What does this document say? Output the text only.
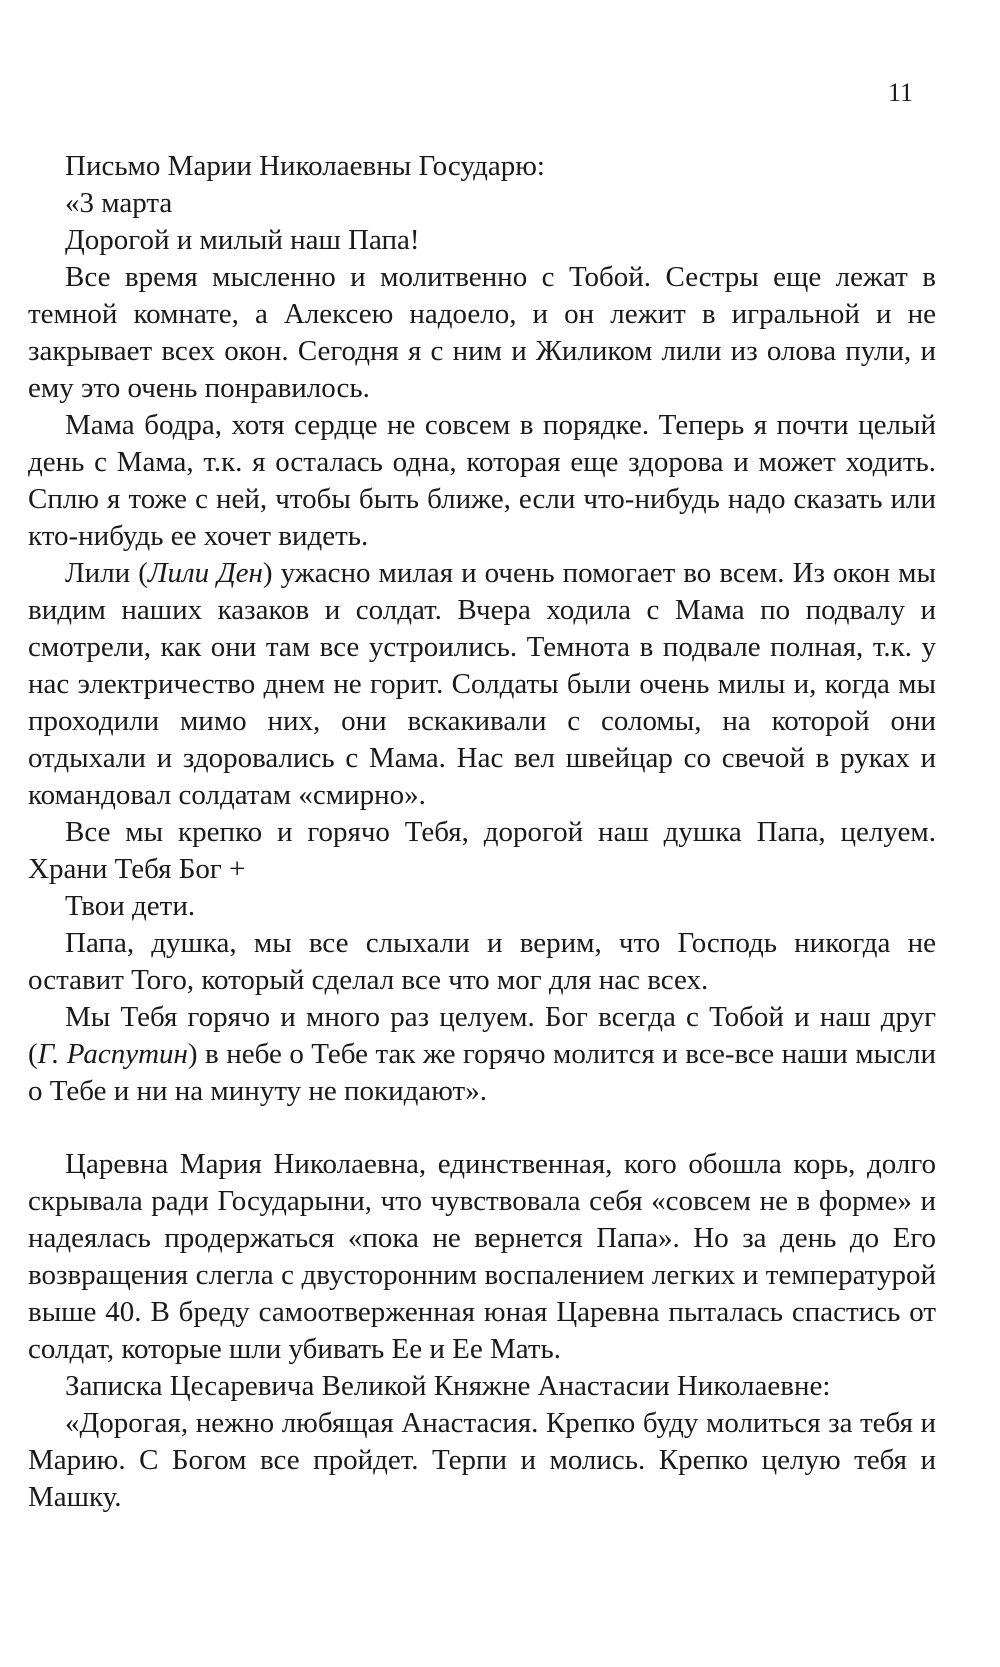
11

Письмо Марии Николаевны Государю:

«3 марта

Дорогой и милый наш Папа!

Все время мысленно и молитвенно с Тобой. Сестры еще лежат в темной комнате, а Алексею надоело, и он лежит в игральной и не закрывает всех окон. Сегодня я с ним и Жиликом лили из олова пули, и ему это очень понравилось.

Мама бодра, хотя сердце не совсем в порядке. Теперь я почти целый день с Мама, т.к. я осталась одна, которая еще здорова и может ходить. Сплю я тоже с ней, чтобы быть ближе, если что-нибудь надо сказать или кто-нибудь ее хочет видеть.

Лили (Лили Ден) ужасно милая и очень помогает во всем. Из окон мы видим наших казаков и солдат. Вчера ходила с Мама по подвалу и смотрели, как они там все устроились. Темнота в подвале полная, т.к. у нас электричество днем не горит. Солдаты были очень милы и, когда мы проходили мимо них, они вскакивали с соломы, на которой они отдыхали и здоровались с Мама. Нас вел швейцар со свечой в руках и командовал солдатам «смирно».

Все мы крепко и горячо Тебя, дорогой наш душка Папа, целуем. Храни Тебя Бог +

Твои дети.

Папа, душка, мы все слыхали и верим, что Господь никогда не оставит Того, который сделал все что мог для нас всех.

Мы Тебя горячо и много раз целуем. Бог всегда с Тобой и наш друг (Г. Распутин) в небе о Тебе так же горячо молится и все-все наши мысли о Тебе и ни на минуту не покидают».

Царевна Мария Николаевна, единственная, кого обошла корь, долго скрывала ради Государыни, что чувствовала себя «совсем не в форме» и надеялась продержаться «пока не вернется Папа». Но за день до Его возвращения слегла с двусторонним воспалением легких и температурой выше 40. В бреду самоотверженная юная Царевна пыталась спастись от солдат, которые шли убивать Ее и Ее Мать.

Записка Цесаревича Великой Княжне Анастасии Николаевне:

«Дорогая, нежно любящая Анастасия. Крепко буду молиться за тебя и Марию. С Богом все пройдет. Терпи и молись. Крепко целую тебя и Машку.
